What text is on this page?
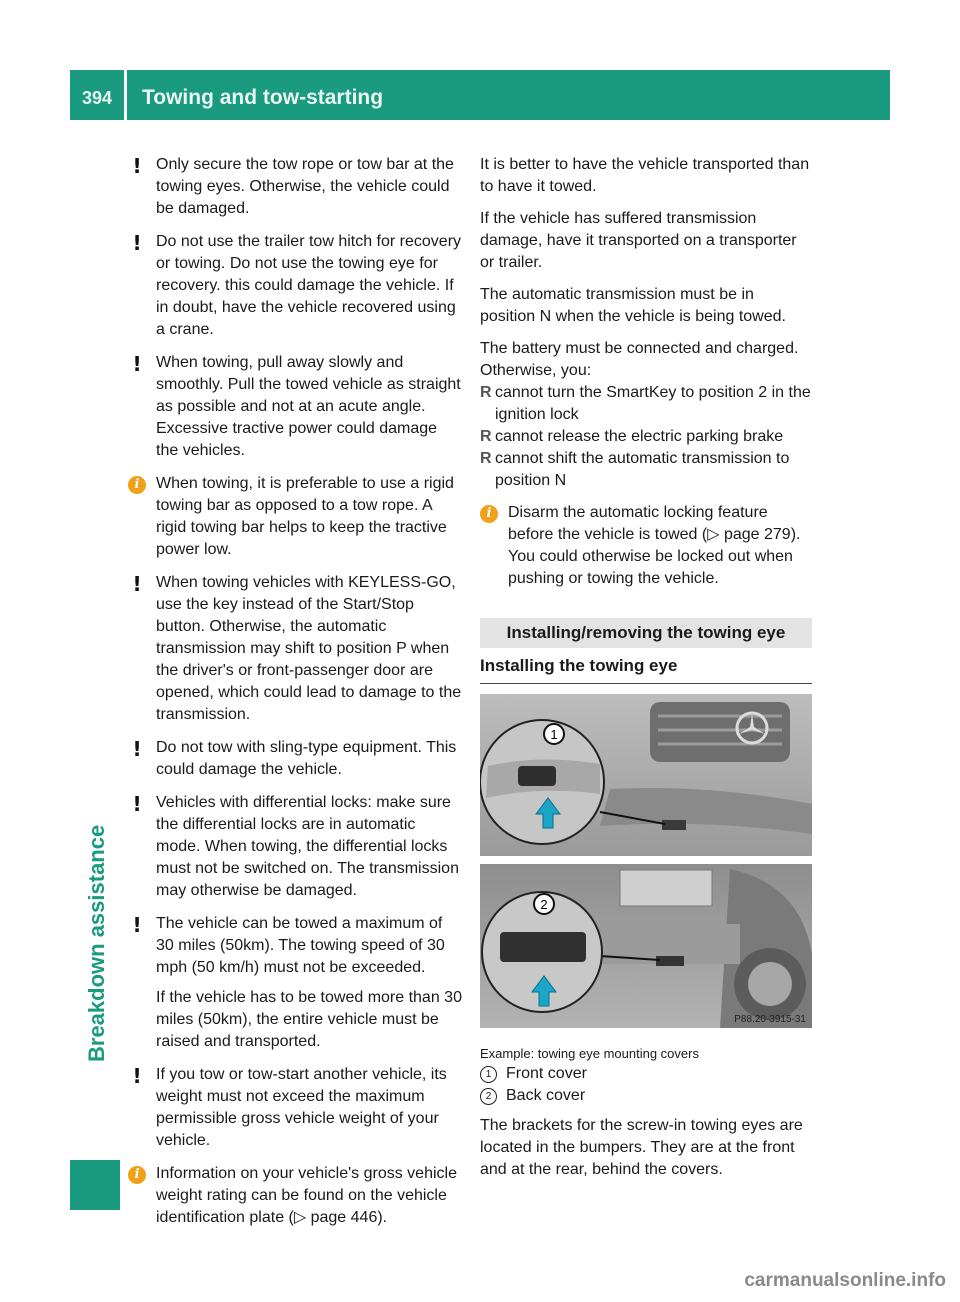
394 Towing and tow-starting
Breakdown assistance
! Only secure the tow rope or tow bar at the towing eyes. Otherwise, the vehicle could be damaged.
! Do not use the trailer tow hitch for recovery or towing. Do not use the towing eye for recovery. this could damage the vehicle. If in doubt, have the vehicle recovered using a crane.
! When towing, pull away slowly and smoothly. Pull the towed vehicle as straight as possible and not at an acute angle. Excessive tractive power could damage the vehicles.
i	When towing, it is preferable to use a rigid towing bar as opposed to a tow rope. A rigid towing bar helps to keep the tractive power low.
! When towing vehicles with KEYLESS-GO, use the key instead of the Start/Stop button. Otherwise, the automatic transmission may shift to position P when the driver's or front-passenger door are opened, which could lead to damage to the transmission.
! Do not tow with sling-type equipment. This could damage the vehicle.
! Vehicles with differential locks: make sure the differential locks are in automatic mode. When towing, the differential locks must not be switched on. The transmission may otherwise be damaged.
! The vehicle can be towed a maximum of 30 miles (50km). The towing speed of 30 mph (50 km/h) must not be exceeded.
If the vehicle has to be towed more than 30 miles (50km), the entire vehicle must be raised and transported.
! If you tow or tow-start another vehicle, its weight must not exceed the maximum permissible gross vehicle weight of your vehicle.
i	Information on your vehicle's gross vehicle weight rating can be found on the vehicle identification plate (▷ page 446).

It is better to have the vehicle transported than to have it towed.

If the vehicle has suffered transmission damage, have it transported on a transporter or trailer.

The automatic transmission must be in position N when the vehicle is being towed.

The battery must be connected and charged.

Otherwise, you:

R cannot turn the SmartKey to position 2 in the ignition lock
R cannot release the electric parking brake
R cannot shift the automatic transmission to position N
i	Disarm the automatic locking feature before the vehicle is towed (▷ page 279). You could otherwise be locked out when pushing or towing the vehicle.
Installing/removing the towing eye
Installing the towing eye
1
2
P88.20-3915-31
Example: towing eye mounting covers
1 Front cover
2 Back cover

The brackets for the screw-in towing eyes are located in the bumpers. They are at the front and at the rear, behind the covers.

carmanualsonline.info
